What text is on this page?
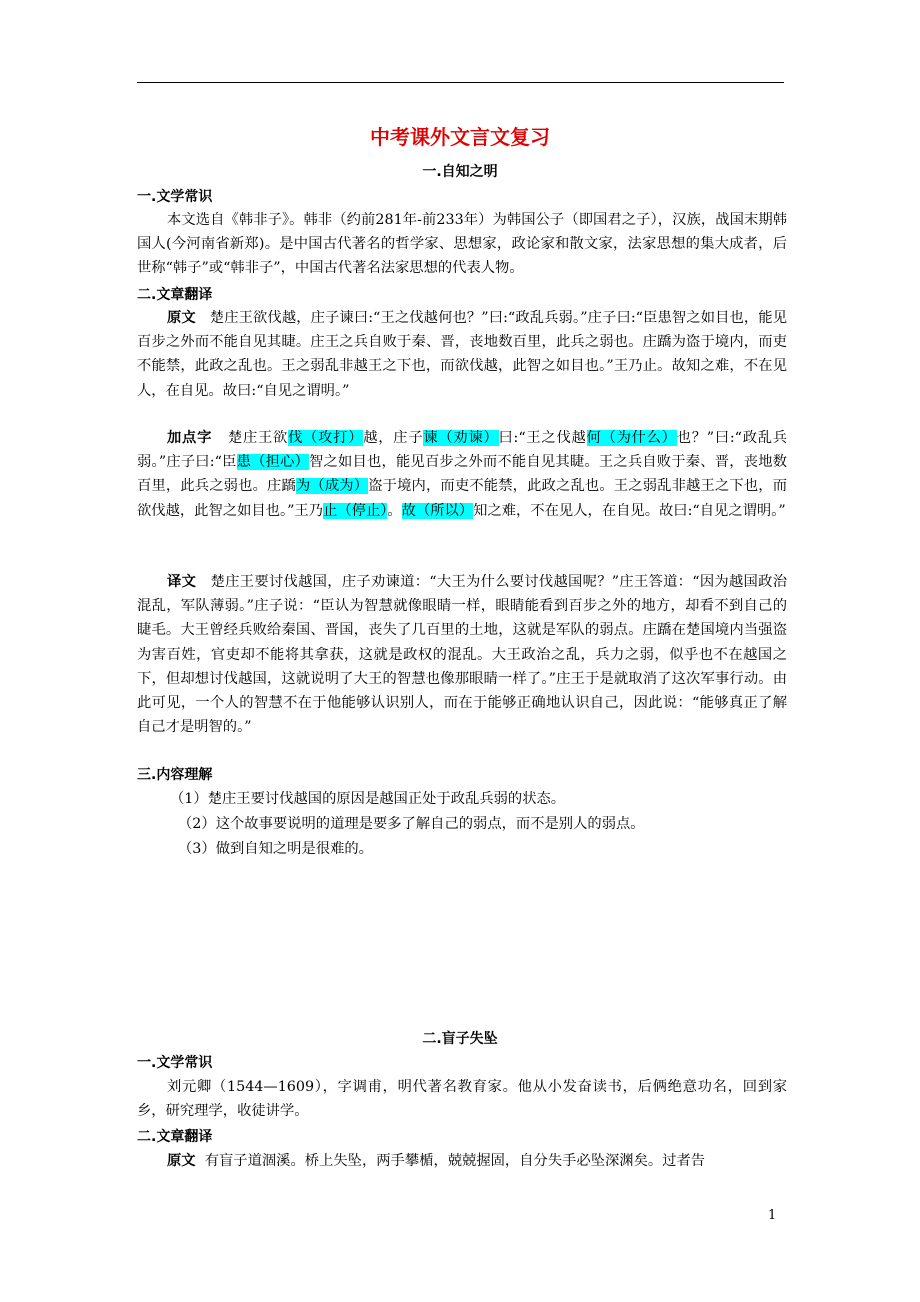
中考课外文言文复习
一.自知之明
一.文学常识

本文选自《韩非子》。韩非（约前281年-前233年）为韩国公子（即国君之子），汉族，战国末期韩国人(今河南省新郑)。是中国古代著名的哲学家、思想家，政论家和散文家，法家思想的集大成者，后世称“韩子”或“韩非子”，中国古代著名法家思想的代表人物。

二.文章翻译

原文 楚庄王欲伐越，庄子谏曰:“王之伐越何也？”曰:“政乱兵弱。”庄子曰:“臣患智之如目也，能见百步之外而不能自见其睫。庄王之兵自败于秦、晋，丧地数百里，此兵之弱也。庄蹻为盗于境内，而吏不能禁，此政之乱也。王之弱乱非越王之下也，而欲伐越，此智之如目也。”王乃止。故知之难，不在见人，在自见。故曰:“自见之谓明。”

加点字 楚庄王欲伐（攻打）越，庄子谏（劝谏）曰:“王之伐越何（为什么）也？”曰:“政乱兵弱。”庄子曰:“臣患（担心）智之如目也，能见百步之外而不能自见其睫。王之兵自败于秦、晋，丧地数百里，此兵之弱也。庄蹻为（成为）盗于境内，而吏不能禁，此政之乱也。王之弱乱非越王之下也，而欲伐越，此智之如目也。”王乃止（停止）。故（所以）知之难，不在见人，在自见。故曰:“自见之谓明。”

译文 楚庄王要讨伐越国，庄子劝谏道：“大王为什么要讨伐越国呢？”庄王答道：“因为越国政治混乱，军队薄弱。”庄子说：“臣认为智慧就像眼睛一样，眼睛能看到百步之外的地方，却看不到自己的睫毛。大王曾经兵败给秦国、晋国，丧失了几百里的土地，这就是军队的弱点。庄蹻在楚国境内当强盗为害百姓，官吏却不能将其拿获，这就是政权的混乱。大王政治之乱，兵力之弱，似乎也不在越国之下，但却想讨伐越国，这就说明了大王的智慧也像那眼睛一样了。”庄王于是就取消了这次军事行动。由此可见，一个人的智慧不在于他能够认识别人，而在于能够正确地认识自己，因此说：“能够真正了解自己才是明智的。”

三.内容理解

（1）楚庄王要讨伐越国的原因是越国正处于政乱兵弱的状态。

（2）这个故事要说明的道理是要多了解自己的弱点，而不是别人的弱点。

（3）做到自知之明是很难的。

二.盲子失坠
一.文学常识

刘元卿（1544—1609），字调甫，明代著名教育家。他从小发奋读书，后俩绝意功名，回到家乡，研究理学，收徒讲学。

二.文章翻译

原文 有盲子道涸溪。桥上失坠，两手攀楯，兢兢握固，自分失手必坠深渊矣。过者告

1
